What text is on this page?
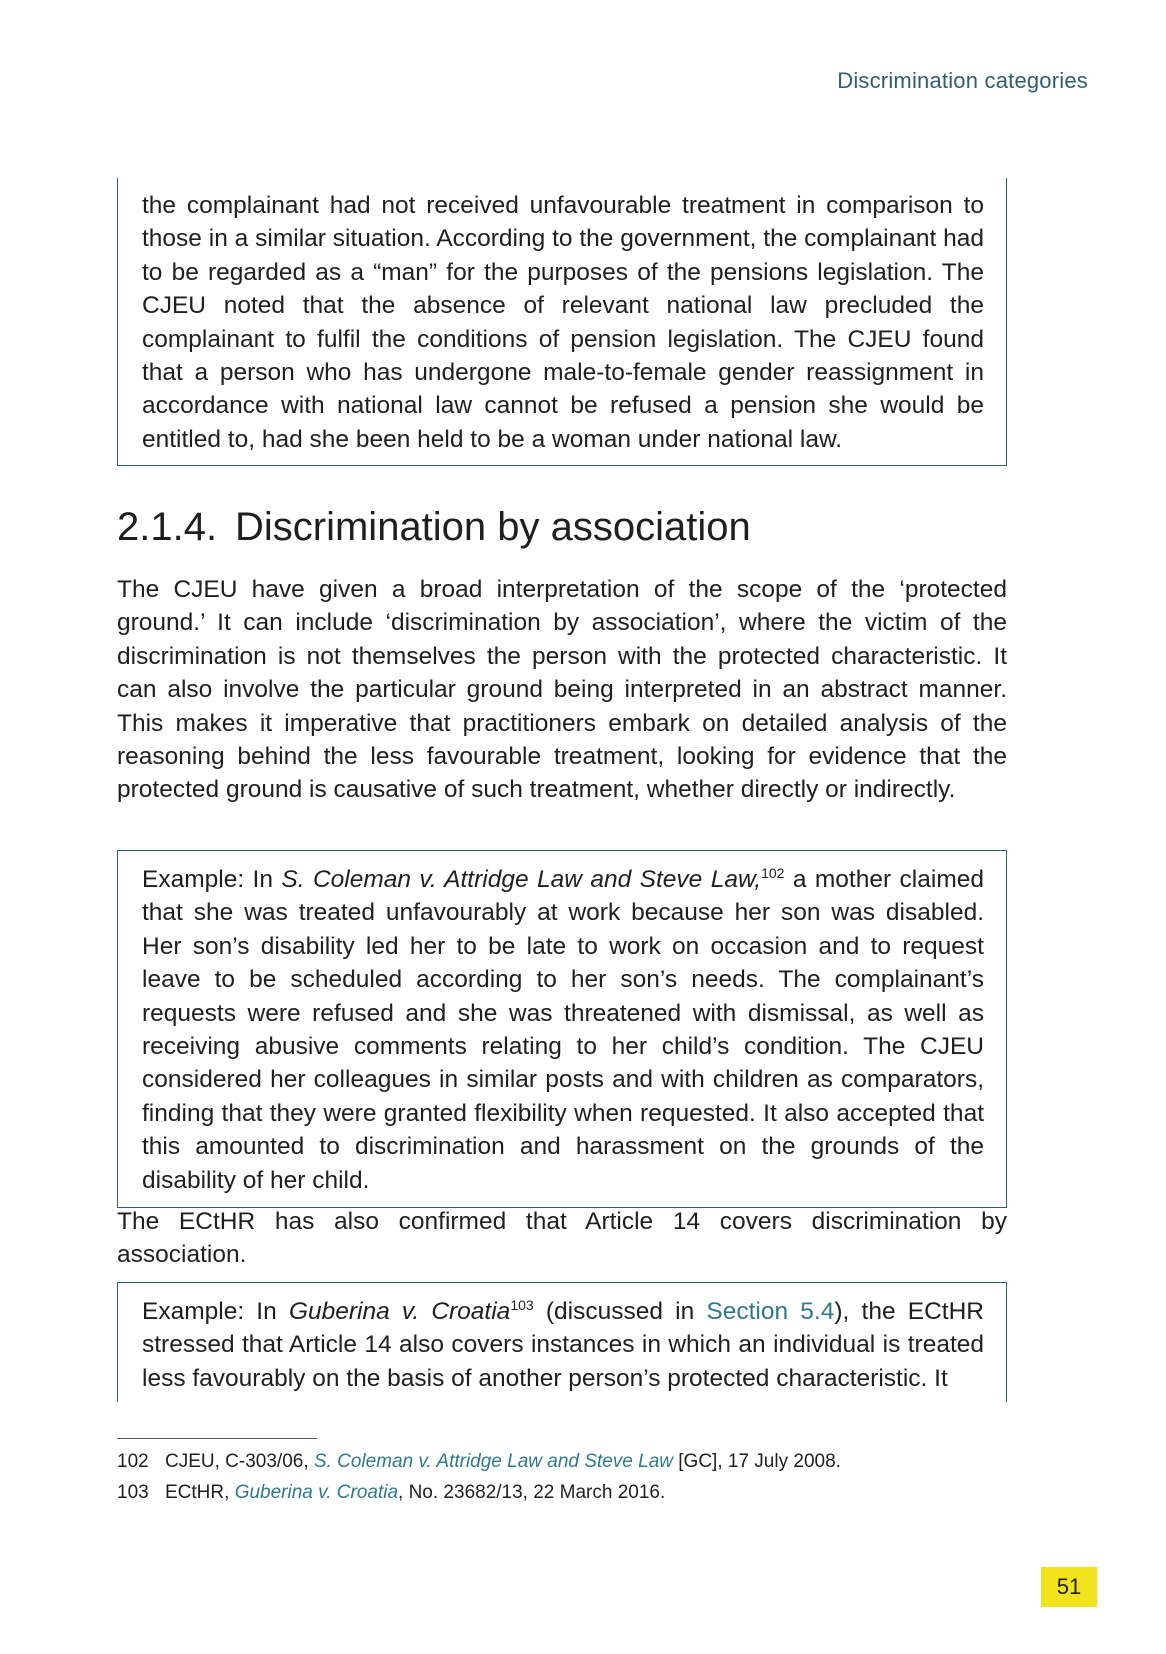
Discrimination categories

the complainant had not received unfavourable treatment in comparison to those in a similar situation. According to the government, the complainant had to be regarded as a “man” for the purposes of the pensions legislation. The CJEU noted that the absence of relevant national law precluded the complainant to fulfil the conditions of pension legislation. The CJEU found that a person who has undergone male-to-female gender reassignment in accordance with national law cannot be refused a pension she would be entitled to, had she been held to be a woman under national law.

2.1.4. Discrimination by association

The CJEU have given a broad interpretation of the scope of the ‘protected ground.’ It can include ‘discrimination by association’, where the victim of the discrimination is not themselves the person with the protected characteristic. It can also involve the particular ground being interpreted in an abstract manner. This makes it imperative that practitioners embark on detailed analysis of the reasoning behind the less favourable treatment, looking for evidence that the protected ground is causative of such treatment, whether directly or indirectly.

Example: In S. Coleman v. Attridge Law and Steve Law,$^{102}$ a mother claimed that she was treated unfavourably at work because her son was disabled. Her son’s disability led her to be late to work on occasion and to request leave to be scheduled according to her son’s needs. The complainant’s requests were refused and she was threatened with dismissal, as well as receiving abusive comments relating to her child’s condition. The CJEU considered her colleagues in similar posts and with children as comparators, finding that they were granted flexibility when requested. It also accepted that this amounted to discrimination and harassment on the grounds of the disability of her child.

The ECtHR has also confirmed that Article 14 covers discrimination by association.

Example: In Guberina v. Croatia$^{103}$ (discussed in Section 5.4), the ECtHR stressed that Article 14 also covers instances in which an individual is treated less favourably on the basis of another person’s protected characteristic. It

102 CJEU, C-303/06, S. Coleman v. Attridge Law and Steve Law [GC], 17 July 2008.
103 ECtHR, Guberina v. Croatia, No. 23682/13, 22 March 2016.
51
